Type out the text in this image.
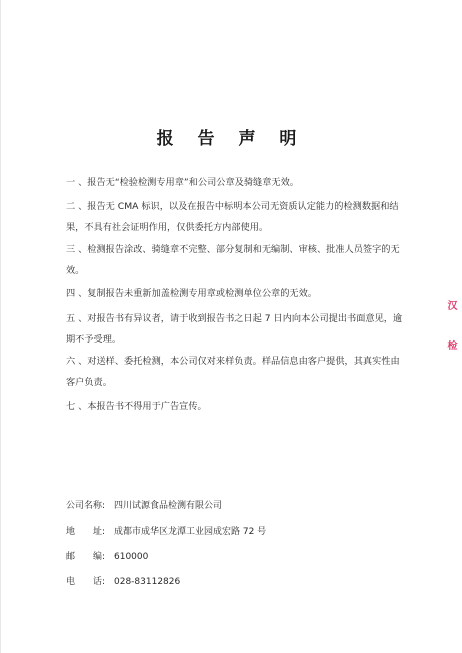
报 告 声 明
一 、报告无“检验检测专用章”和公司公章及骑缝章无效。
二 、报告无 CMA 标识，以及在报告中标明本公司无资质认定能力的检测数据和结果，不具有社会证明作用，仅供委托方内部使用。
三 、检测报告涂改、骑缝章不完整、部分复制和无编制、审核、批准人员签字的无效。
四 、复制报告未重新加盖检测专用章或检测单位公章的无效。
五 、对报告书有异议者，请于收到报告书之日起 7 日内向本公司提出书面意见，逾期不予受理。
六 、对送样、委托检测，本公司仅对来样负责。样品信息由客户提供，其真实性由客户负责。
七 、本报告书不得用于广告宣传。
公司名称: 四川试源食品检测有限公司
地　　址: 成都市成华区龙潭工业园成宏路 72 号
邮　　编: 610000
电　　话: 028-83112826
汉
检
